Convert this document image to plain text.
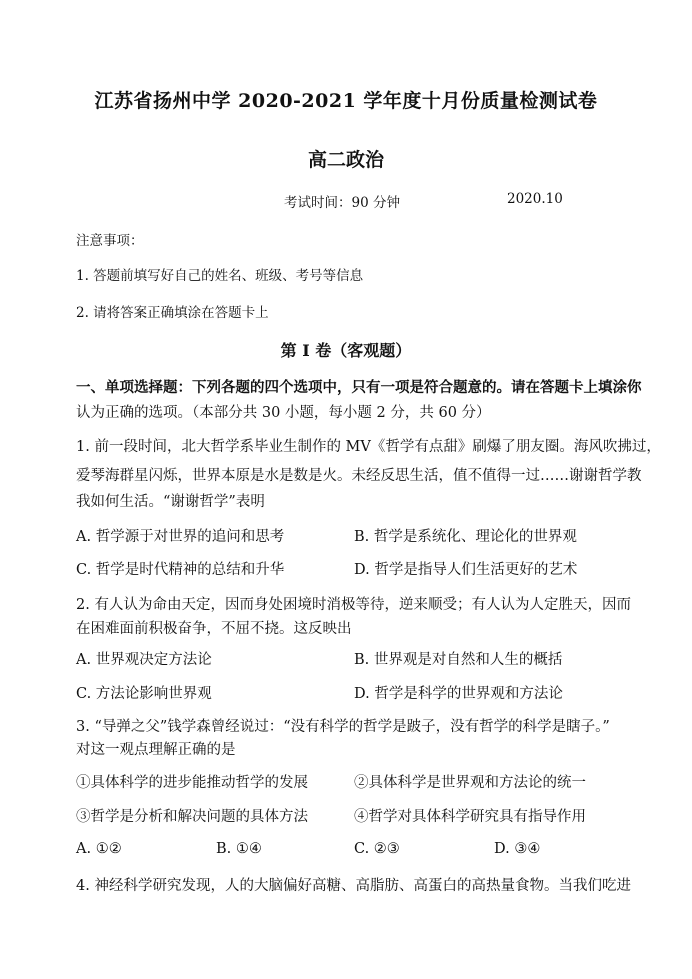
江苏省扬州中学 2020-2021 学年度十月份质量检测试卷
高二政治
考试时间：90 分钟	2020.10
注意事项：
1. 答题前填写好自己的姓名、班级、考号等信息
2. 请将答案正确填涂在答题卡上
第 I 卷（客观题）
一、单项选择题：下列各题的四个选项中，只有一项是符合题意的。请在答题卡上填涂你
认为正确的选项。（本部分共 30 小题，每小题 2 分，共 60 分）
1. 前一段时间，北大哲学系毕业生制作的 MV《哲学有点甜》刷爆了朋友圈。海风吹拂过，
爱琴海群星闪烁，世界本原是水是数是火。未经反思生活，值不值得一过……谢谢哲学教
我如何生活。“谢谢哲学”表明
A. 哲学源于对世界的追问和思考	B. 哲学是系统化、理论化的世界观
C. 哲学是时代精神的总结和升华	D. 哲学是指导人们生活更好的艺术
2. 有人认为命由天定，因而身处困境时消极等待，逆来顺受；有人认为人定胜天，因而
在困难面前积极奋争，不屈不挠。这反映出
A. 世界观决定方法论	B. 世界观是对自然和人生的概括
C. 方法论影响世界观	D. 哲学是科学的世界观和方法论
3. “导弹之父”钱学森曾经说过：“没有科学的哲学是跛子，没有哲学的科学是瞎子。”
对这一观点理解正确的是
①具体科学的进步能推动哲学的发展	②具体科学是世界观和方法论的统一
③哲学是分析和解决问题的具体方法	④哲学对具体科学研究具有指导作用
A. ①②	B. ①④	C. ②③	D. ③④
4. 神经科学研究发现，人的大脑偏好高糖、高脂肪、高蛋白的高热量食物。当我们吃进
